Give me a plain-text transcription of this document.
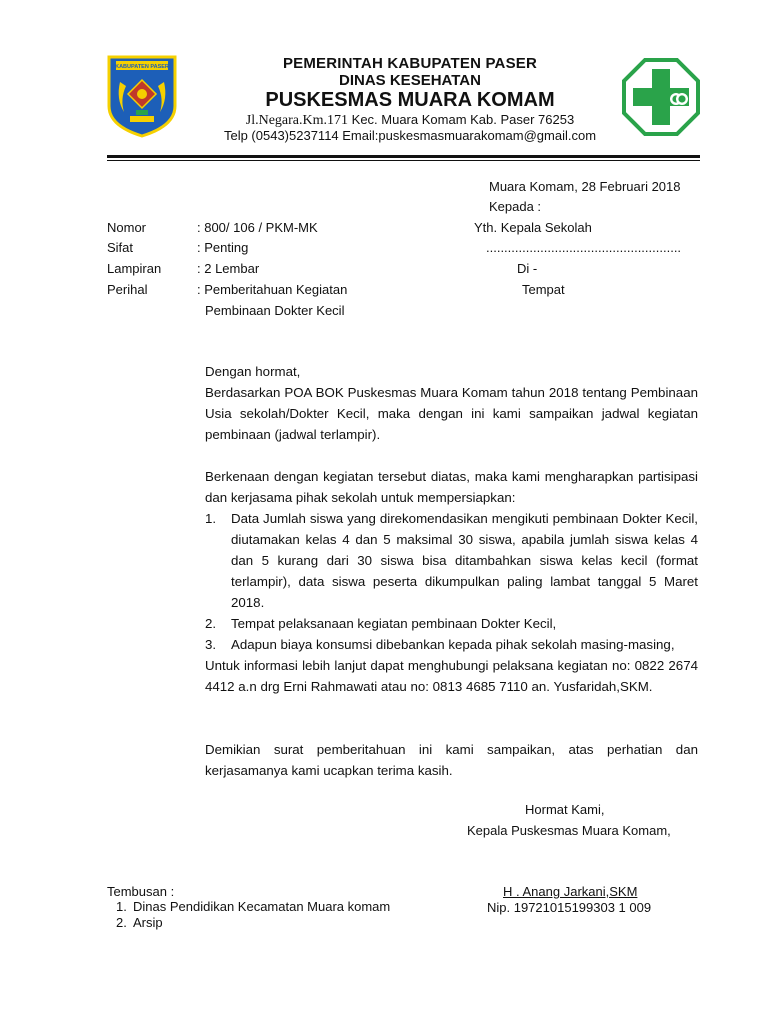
KABUPATEN PASER	PEMERINTAH KABUPATEN PASER
DINAS KESEHATAN
PUSKESMAS MUARA KOMAM
Jl.Negara.Km.171 Kec. Muara Komam Kab. Paser 76253
Telp (0543)5237114 Email:puskesmasmuarakomam@gmail.com
Muara Komam, 28 Februari 2018
Kepada :
Yth. Kepala Sekolah
......................................................
Di -
Tempat
Nomor	: 800/ 106 / PKM-MK
Sifat	: Penting
Lampiran	: 2 Lembar
Perihal	: Pemberitahuan Kegiatan
Pembinaan Dokter Kecil
Dengan hormat,
Berdasarkan POA BOK Puskesmas Muara Komam tahun 2018 tentang Pembinaan Usia sekolah/Dokter Kecil, maka dengan ini kami sampaikan jadwal kegiatan pembinaan (jadwal terlampir).
Berkenaan dengan kegiatan tersebut diatas, maka kami mengharapkan partisipasi dan kerjasama pihak sekolah untuk mempersiapkan:
1. Data Jumlah siswa yang direkomendasikan mengikuti pembinaan Dokter Kecil, diutamakan kelas 4 dan 5 maksimal 30 siswa, apabila jumlah siswa kelas 4 dan 5 kurang dari 30 siswa bisa ditambahkan siswa kelas kecil (format terlampir), data siswa peserta dikumpulkan paling lambat tanggal 5 Maret 2018.
2. Tempat pelaksanaan kegiatan pembinaan Dokter Kecil,
3. Adapun biaya konsumsi dibebankan kepada pihak sekolah masing-masing,
Untuk informasi lebih lanjut dapat menghubungi pelaksana kegiatan no: 0822 2674 4412 a.n drg Erni Rahmawati atau no: 0813 4685 7110 an. Yusfaridah,SKM.
Demikian surat pemberitahuan ini kami sampaikan, atas perhatian dan kerjasamanya kami ucapkan terima kasih.
Hormat Kami,
Kepala Puskesmas Muara Komam,
H . Anang Jarkani,SKM
Nip. 19721015199303 1 009
Tembusan :
1. Dinas Pendidikan Kecamatan Muara komam
2. Arsip
